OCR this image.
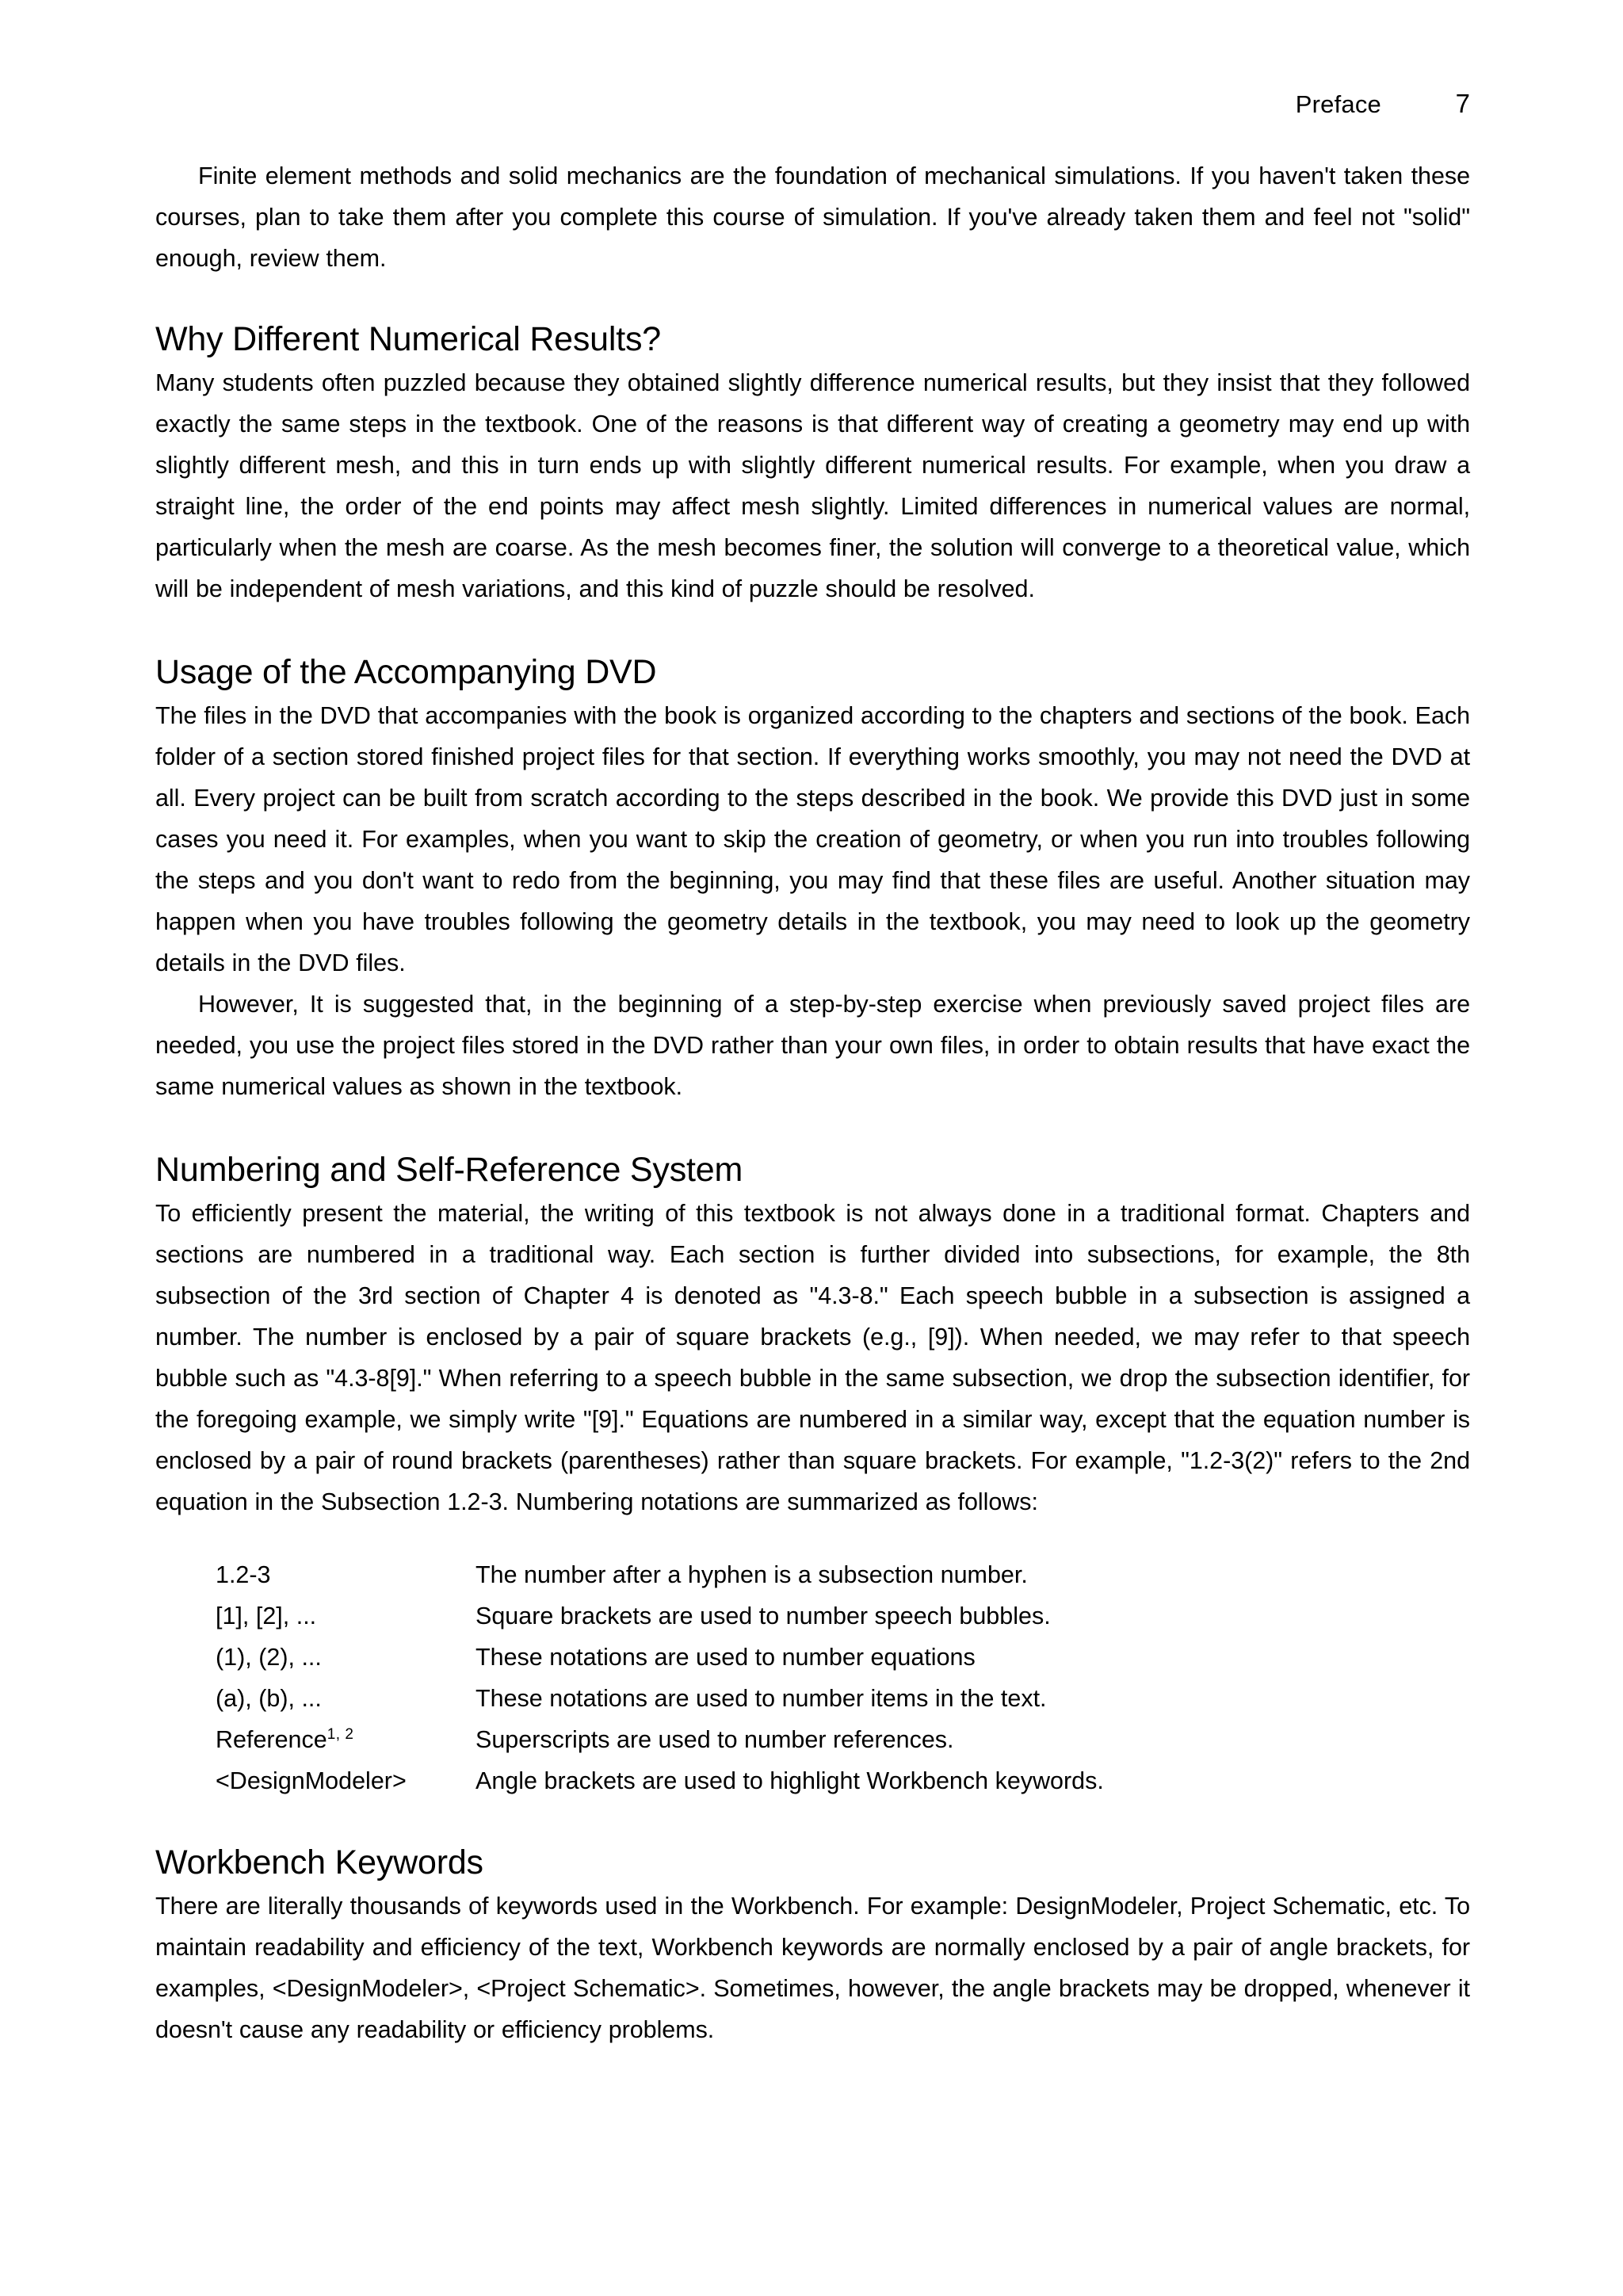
Preface	7

Finite element methods and solid mechanics are the foundation of mechanical simulations. If you haven't taken these courses, plan to take them after you complete this course of simulation. If you've already taken them and feel not "solid" enough, review them.

Why Different Numerical Results?

Many students often puzzled because they obtained slightly difference numerical results, but they insist that they followed exactly the same steps in the textbook. One of the reasons is that different way of creating a geometry may end up with slightly different mesh, and this in turn ends up with slightly different numerical results. For example, when you draw a straight line, the order of the end points may affect mesh slightly. Limited differences in numerical values are normal, particularly when the mesh are coarse. As the mesh becomes finer, the solution will converge to a theoretical value, which will be independent of mesh variations, and this kind of puzzle should be resolved.

Usage of the Accompanying DVD

The files in the DVD that accompanies with the book is organized according to the chapters and sections of the book. Each folder of a section stored finished project files for that section. If everything works smoothly, you may not need the DVD at all. Every project can be built from scratch according to the steps described in the book. We provide this DVD just in some cases you need it. For examples, when you want to skip the creation of geometry, or when you run into troubles following the steps and you don't want to redo from the beginning, you may find that these files are useful. Another situation may happen when you have troubles following the geometry details in the textbook, you may need to look up the geometry details in the DVD files.

However, It is suggested that, in the beginning of a step-by-step exercise when previously saved project files are needed, you use the project files stored in the DVD rather than your own files, in order to obtain results that have exact the same numerical values as shown in the textbook.

Numbering and Self-Reference System

To efficiently present the material, the writing of this textbook is not always done in a traditional format. Chapters and sections are numbered in a traditional way. Each section is further divided into subsections, for example, the 8th subsection of the 3rd section of Chapter 4 is denoted as "4.3-8." Each speech bubble in a subsection is assigned a number. The number is enclosed by a pair of square brackets (e.g., [9]). When needed, we may refer to that speech bubble such as "4.3-8[9]." When referring to a speech bubble in the same subsection, we drop the subsection identifier, for the foregoing example, we simply write "[9]." Equations are numbered in a similar way, except that the equation number is enclosed by a pair of round brackets (parentheses) rather than square brackets. For example, "1.2-3(2)" refers to the 2nd equation in the Subsection 1.2-3. Numbering notations are summarized as follows:

1.2-3	The number after a hyphen is a subsection number.
[1], [2], ...	Square brackets are used to number speech bubbles.
(1), (2), ...	These notations are used to number equations
(a), (b), ...	These notations are used to number items in the text.
Reference$^{1, 2}$	Superscripts are used to number references.
<DesignModeler>	Angle brackets are used to highlight Workbench keywords.
Workbench Keywords

There are literally thousands of keywords used in the Workbench. For example: DesignModeler, Project Schematic, etc. To maintain readability and efficiency of the text, Workbench keywords are normally enclosed by a pair of angle brackets, for examples, <DesignModeler>, <Project Schematic>. Sometimes, however, the angle brackets may be dropped, whenever it doesn't cause any readability or efficiency problems.
